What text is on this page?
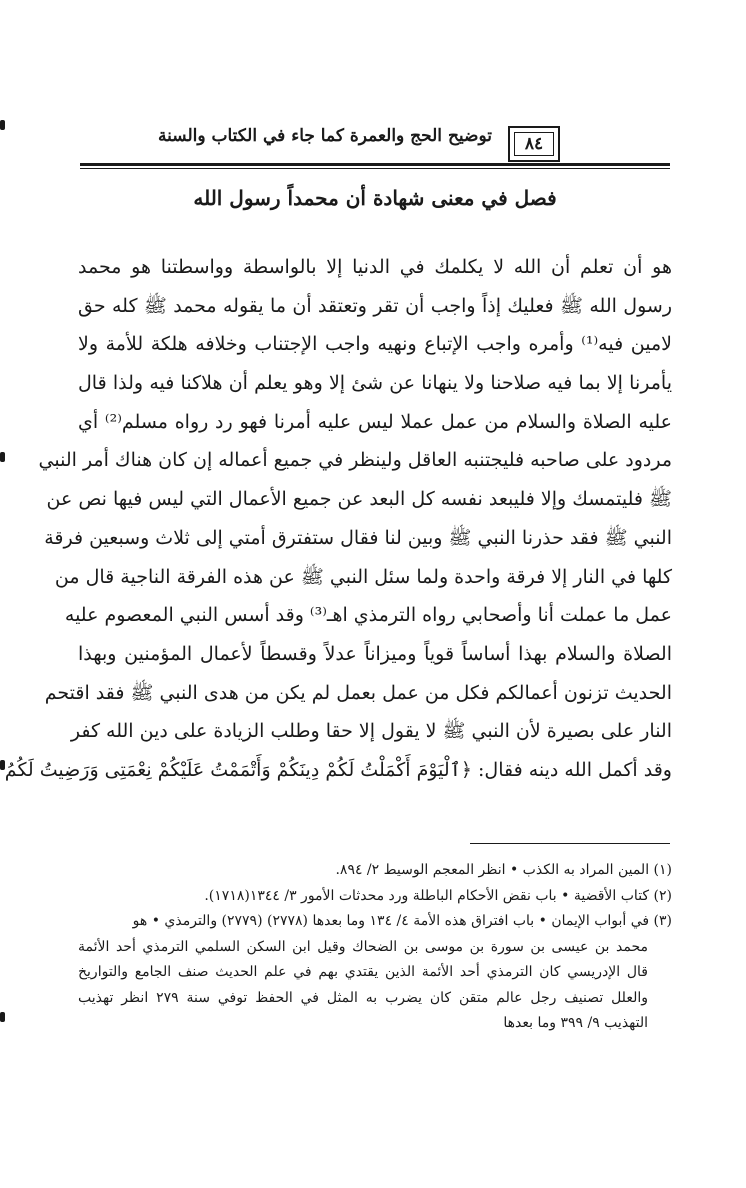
توضيح الحج والعمرة كما جاء في الكتاب والسنة	٨٤
فصل في معنى شهادة أن محمداً رسول الله
هو أن تعلم أن الله لا يكلمك في الدنيا إلا بالواسطة وواسطتنا هو محمد
رسول الله ﷺ فعليك إذاً واجب أن تقر وتعتقد أن ما يقوله محمد ﷺ كله حق
لامين فيه⁽¹⁾ وأمره واجب الإتباع ونهيه واجب الإجتناب وخلافه هلكة للأمة ولا
يأمرنا إلا بما فيه صلاحنا ولا ينهانا عن شئ إلا وهو يعلم أن هلاكنا فيه ولذا قال
عليه الصلاة والسلام من عمل عملا ليس عليه أمرنا فهو رد رواه مسلم⁽²⁾ أي
مردود على صاحبه فليجتنبه العاقل ولينظر في جميع أعماله إن كان هناك أمر النبي
ﷺ فليتمسك وإلا فليبعد نفسه كل البعد عن جميع الأعمال التي ليس فيها نص عن
النبي ﷺ فقد حذرنا النبي ﷺ وبين لنا فقال ستفترق أمتي إلى ثلاث وسبعين فرقة
كلها في النار إلا فرقة واحدة ولما سئل النبي ﷺ عن هذه الفرقة الناجية قال من
عمل ما عملت أنا وأصحابي رواه الترمذي اهـ⁽³⁾ وقد أسس النبي المعصوم عليه
الصلاة والسلام بهذا أساساً قوياً وميزاناً عدلاً وقسطاً لأعمال المؤمنين وبهذا
الحديث تزنون أعمالكم فكل من عمل بعمل لم يكن من هدى النبي ﷺ فقد اقتحم
النار على بصيرة لأن النبي ﷺ لا يقول إلا حقا وطلب الزيادة على دين الله كفر
وقد أكمل الله دينه فقال: ﴿ٱلْيَوْمَ أَكْمَلْتُ لَكُمْ دِينَكُمْ وَأَتْمَمْتُ عَلَيْكُمْ نِعْمَتِى وَرَضِيتُ لَكُمُ
(١) المين المراد به الكذب • انظر المعجم الوسيط ٢/ ٨٩٤.
(٢) كتاب الأقضية • باب نقض الأحكام الباطلة ورد محدثات الأمور ٣/ ١٣٤٤(١٧١٨).
(٣) في أبواب الإيمان • باب افتراق هذه الأمة ٤/ ١٣٤ وما بعدها (٢٧٧٨) (٢٧٧٩) والترمذي • هو
محمد بن عيسى بن سورة بن موسى بن الضحاك وقيل ابن السكن السلمي الترمذي أحد الأئمة
قال الإدريسي كان الترمذي أحد الأئمة الذين يقتدي بهم في علم الحديث صنف الجامع والتواريخ
والعلل تصنيف رجل عالم متقن كان يضرب به المثل في الحفظ توفي سنة ٢٧٩ انظر تهذيب
التهذيب ٩/ ٣٩٩ وما بعدها
